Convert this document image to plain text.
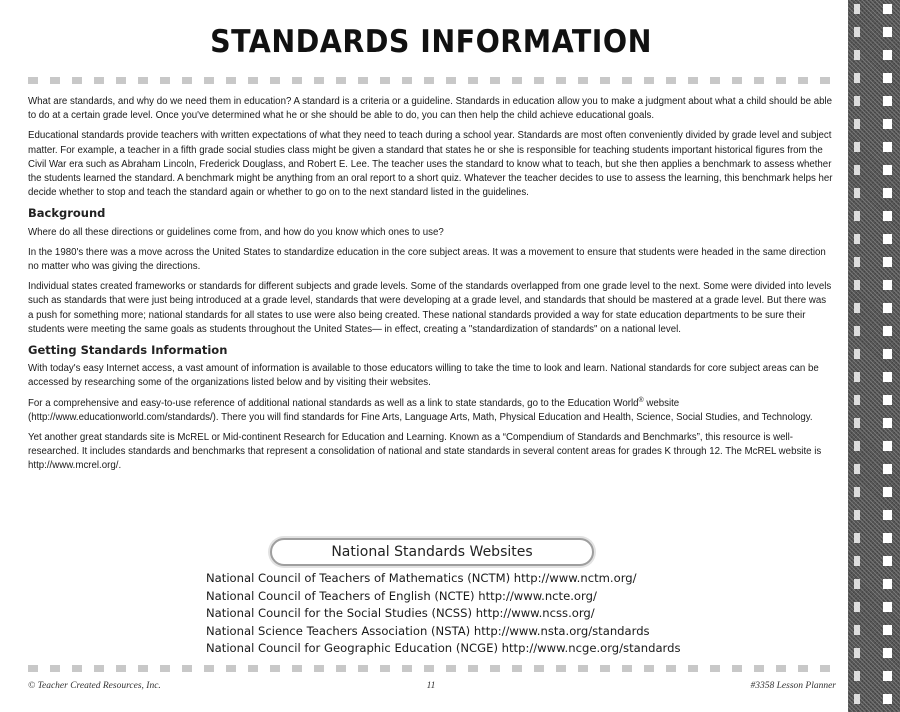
STANDARDS INFORMATION

What are standards, and why do we need them in education? A standard is a criteria or a guideline. Standards in education allow you to make a judgment about what a child should be able to do at a certain grade level. Once you've determined what he or she should be able to do, you can then help the child achieve educational goals.

Educational standards provide teachers with written expectations of what they need to teach during a school year. Standards are most often conveniently divided by grade level and subject matter. For example, a teacher in a fifth grade social studies class might be given a standard that states he or she is responsible for teaching students important historical figures from the Civil War era such as Abraham Lincoln, Frederick Douglass, and Robert E. Lee. The teacher uses the standard to know what to teach, but she then applies a benchmark to assess whether the students learned the standard. A benchmark might be anything from an oral report to a short quiz. Whatever the teacher decides to use to assess the learning, this benchmark helps her decide whether to stop and teach the standard again or whether to go on to the next standard listed in the guidelines.

Background

Where do all these directions or guidelines come from, and how do you know which ones to use?

In the 1980's there was a move across the United States to standardize education in the core subject areas. It was a movement to ensure that students were headed in the same direction no matter who was giving the directions.

Individual states created frameworks or standards for different subjects and grade levels. Some of the standards overlapped from one grade level to the next. Some were divided into levels such as standards that were just being introduced at a grade level, standards that were developing at a grade level, and standards that should be mastered at a grade level. But there was a push for something more; national standards for all states to use were also being created. These national standards provided a way for state education departments to be sure their students were meeting the same goals as students throughout the United States— in effect, creating a "standardization of standards" on a national level.

Getting Standards Information

With today's easy Internet access, a vast amount of information is available to those educators willing to take the time to look and learn. National standards for core subject areas can be accessed by researching some of the organizations listed below and by visiting their websites.

For a comprehensive and easy-to-use reference of additional national standards as well as a link to state standards, go to the Education World® website (http://www.educationworld.com/standards/). There you will find standards for Fine Arts, Language Arts, Math, Physical Education and Health, Science, Social Studies, and Technology.

Yet another great standards site is McREL or Mid-continent Research for Education and Learning. Known as a “Compendium of Standards and Benchmarks”, this resource is well-researched. It includes standards and benchmarks that represent a consolidation of national and state standards in several content areas for grades K through 12. The McREL website is http://www.mcrel.org/.

National Standards Websites
National Council of Teachers of Mathematics (NCTM) http://www.nctm.org/
National Council of Teachers of English (NCTE) http://www.ncte.org/
National Council for the Social Studies (NCSS) http://www.ncss.org/
National Science Teachers Association (NSTA) http://www.nsta.org/standards
National Council for Geographic Education (NCGE) http://www.ncge.org/standards
© Teacher Created Resources, Inc.	11	#3358 Lesson Planner
